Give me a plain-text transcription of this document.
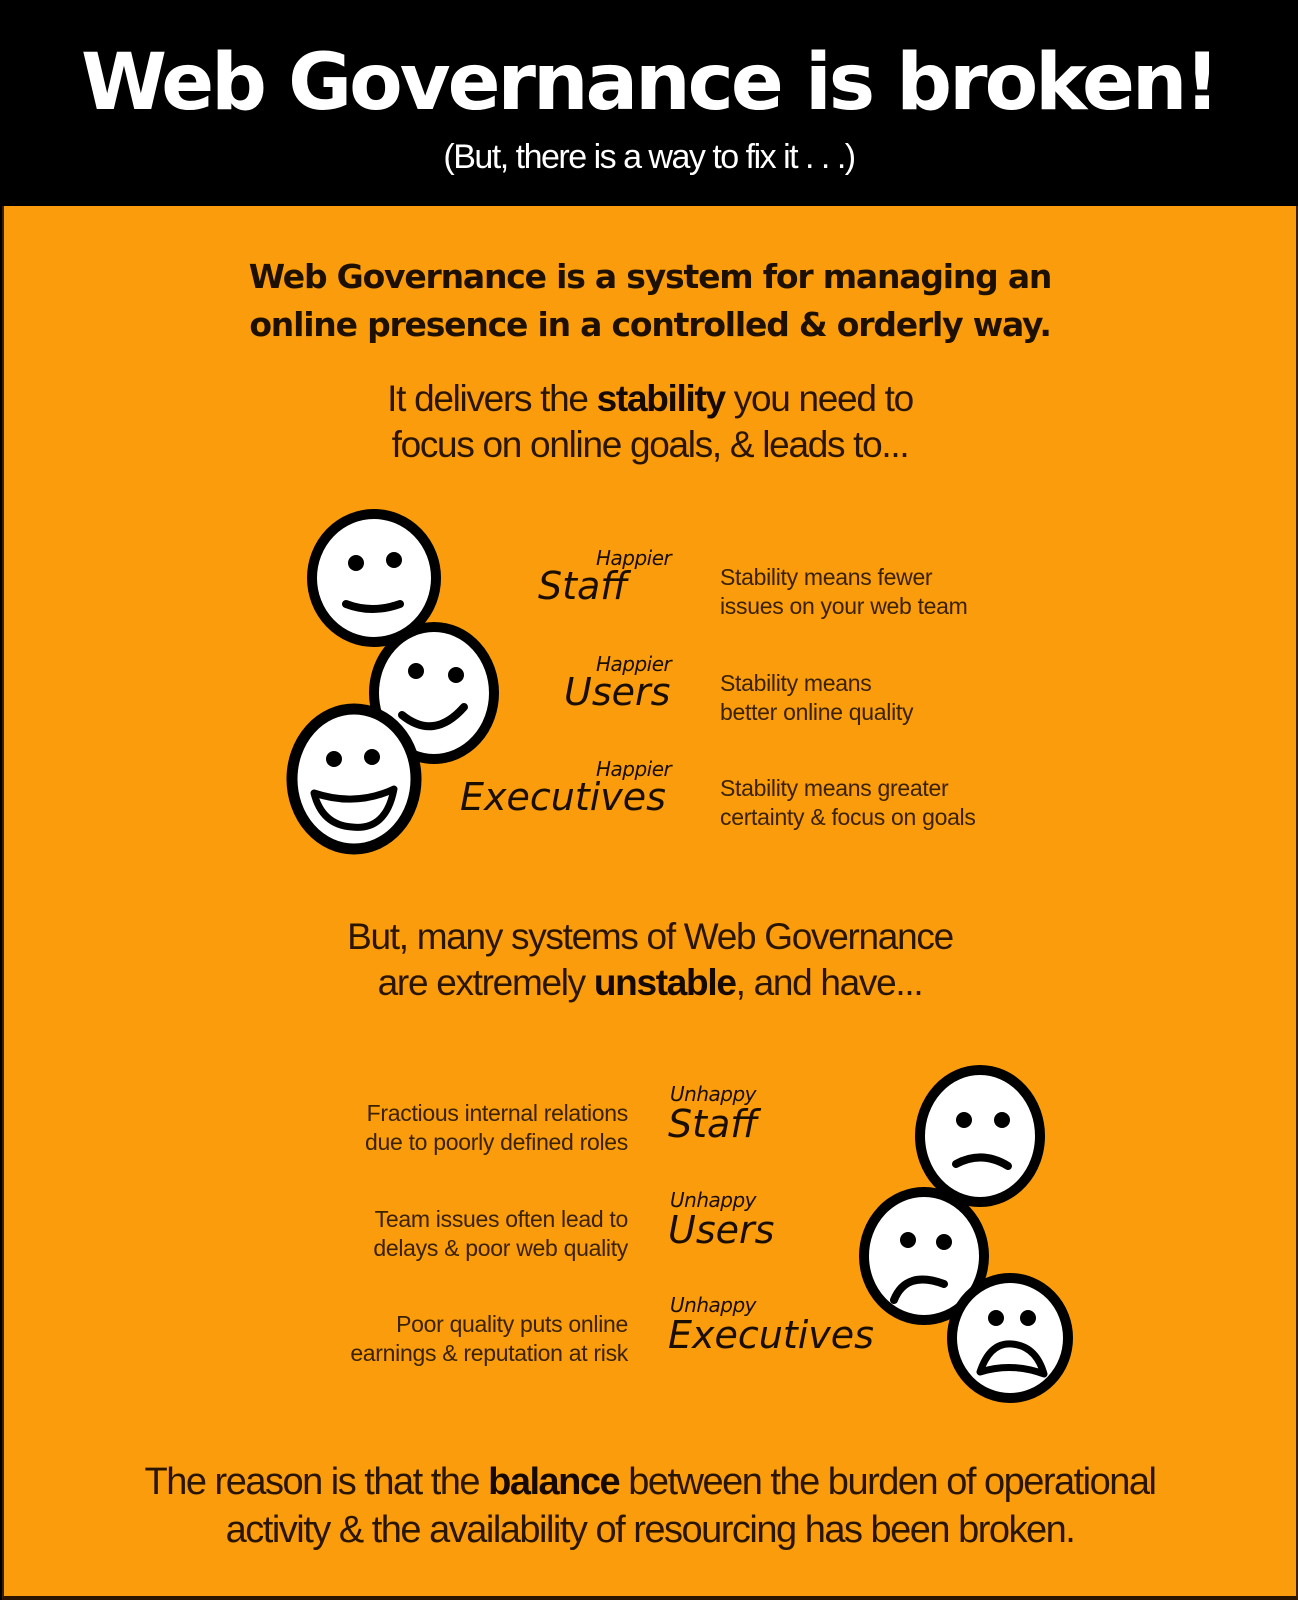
Web Governance is broken!
(But, there is a way to fix it . . .)
Web Governance is a system for managing an
online presence in a controlled & orderly way.
It delivers the stability you need to
focus on online goals, & leads to...
Happier
Staff	Stability means fewer
issues on your web team
Happier
Users Stability means
better online quality
Happier
Executives Stability means greater
certainty & focus on goals
But, many systems of Web Governance
are extremely unstable, and have...
Fractious internal relations
due to poorly defined roles
Unhappy
Staff
Team issues often lead to
delays & poor web quality
Unhappy
Users
Poor quality puts online
earnings & reputation at risk
Unhappy
Executives
The reason is that the balance between the burden of operational
activity & the availability of resourcing has been broken.
